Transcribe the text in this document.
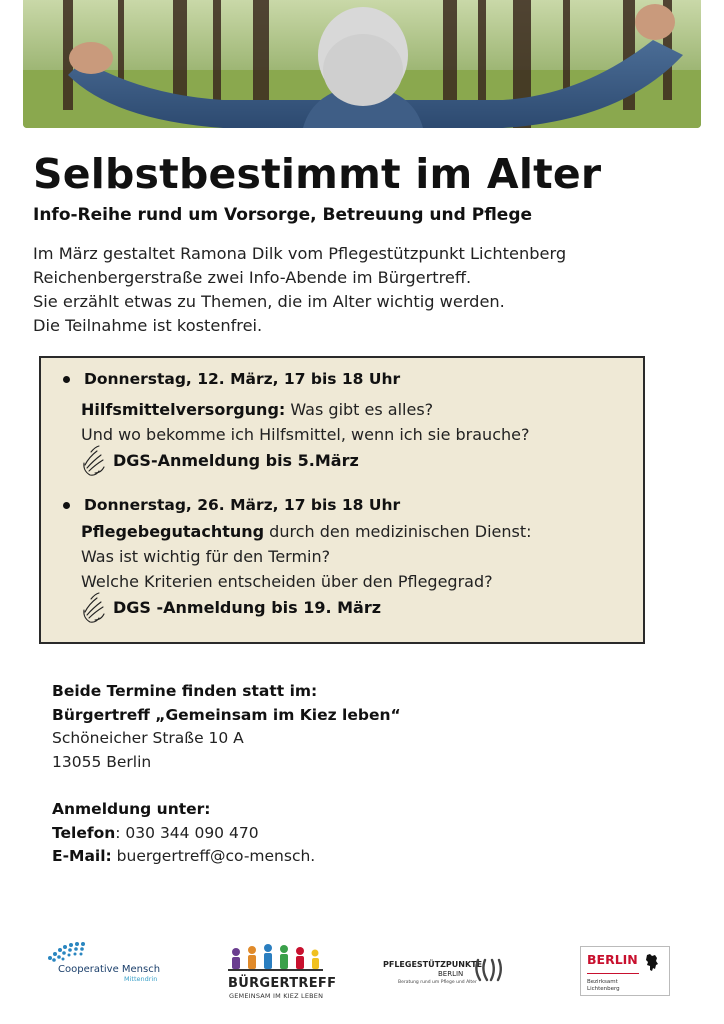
Selbstbestimmt im Alter
Info-Reihe rund um Vorsorge, Betreuung und Pflege
Im März gestaltet Ramona Dilk vom Pflegestützpunkt Lichtenberg
Reichenbergerstraße zwei Info-Abende im Bürgertreff.
Sie erzählt etwas zu Themen, die im Alter wichtig werden.
Die Teilnahme ist kostenfrei.
Donnerstag, 12. März, 17 bis 18 Uhr
Hilfsmittelversorgung: Was gibt es alles?
Und wo bekomme ich Hilfsmittel, wenn ich sie brauche?
DGS-Anmeldung bis 5.März
Donnerstag, 26. März, 17 bis 18 Uhr
Pflegebegutachtung durch den medizinischen Dienst:
Was ist wichtig für den Termin?
Welche Kriterien entscheiden über den Pflegegrad?
DGS -Anmeldung bis 19. März
Beide Termine finden statt im:
Bürgertreff „Gemeinsam im Kiez leben“
Schöneicher Straße 10 A
13055 Berlin
Anmeldung unter:
Telefon: 030 344 090 470
E-Mail: buergertreff@co-mensch.
Cooperative Mensch
Mittendrin	BÜRGERTREFF
GEMEINSAM IM KIEZ LEBEN
PFLEGESTÜTZPUNKTE
BERLIN
Beratung rund um Pflege und Alter
BERLIN
Bezirksamt
Lichtenberg
